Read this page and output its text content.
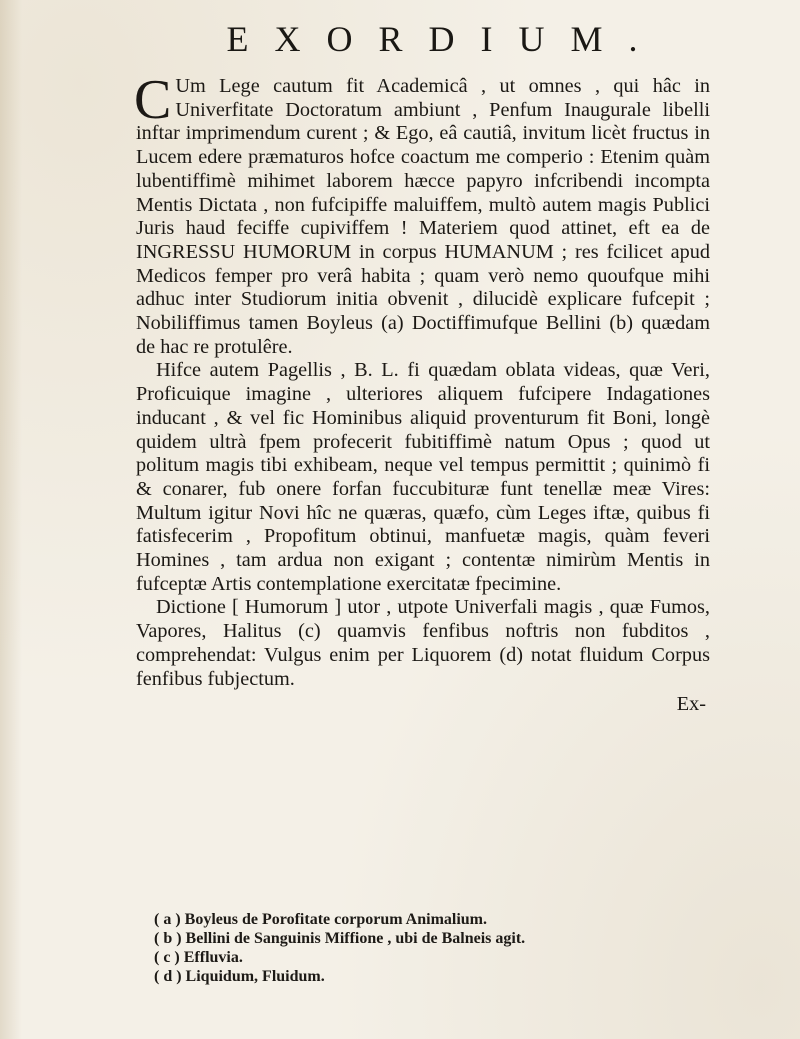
EXORDIUM.

C Um Lege cautum fit Academicâ , ut omnes , qui hâc in Univerfitate Doctoratum ambiunt , Penfum Inaugurale libelli inftar imprimendum curent ; & Ego, eâ cautiâ, invitum licèt fructus in Lucem edere præmaturos hofce coactum me comperio : Etenim quàm lubentiffimè mihimet laborem hæcce papyro infcribendi incompta Mentis Dictata , non fufcipiffe maluiffem, multò autem magis Publici Juris haud feciffe cupiviffem ! Materiem quod attinet, eft ea de INGRESSU HUMORUM in corpus HUMANUM ; res fcilicet apud Medicos femper pro verâ habita ; quam verò nemo quoufque mihi adhuc inter Studiorum initia obvenit , dilucidè explicare fufcepit ; Nobiliffimus tamen Boyleus (a) Doctiffimufque Bellini (b) quædam de hac re protulêre.

Hifce autem Pagellis , B. L. fi quædam oblata videas, quæ Veri, Proficuique imagine , ulteriores aliquem fufcipere Indagationes inducant , & vel fic Hominibus aliquid proventurum fit Boni, longè quidem ultrà fpem profecerit fubitiffimè natum Opus ; quod ut politum magis tibi exhibeam, neque vel tempus permittit ; quinimò fi & conarer, fub onere forfan fuccubituræ funt tenellæ meæ Vires: Multum igitur Novi hîc ne quæras, quæfo, cùm Leges iftæ, quibus fi fatisfecerim , Propofitum obtinui, manfuetæ magis, quàm feveri Homines , tam ardua non exigant ; contentæ nimirùm Mentis in fufceptæ Artis contemplatione exercitatæ fpecimine.

Dictione [ Humorum ] utor , utpote Univerfali magis , quæ Fumos, Vapores, Halitus (c) quamvis fenfibus noftris non fubditos , comprehendat: Vulgus enim per Liquorem (d) notat fluidum Corpus fenfibus fubjectum.

Ex-

( a ) Boyleus de Porofitate corporum Animalium.

( b ) Bellini de Sanguinis Miffione , ubi de Balneis agit.

( c ) Effluvia.

( d ) Liquidum, Fluidum.
